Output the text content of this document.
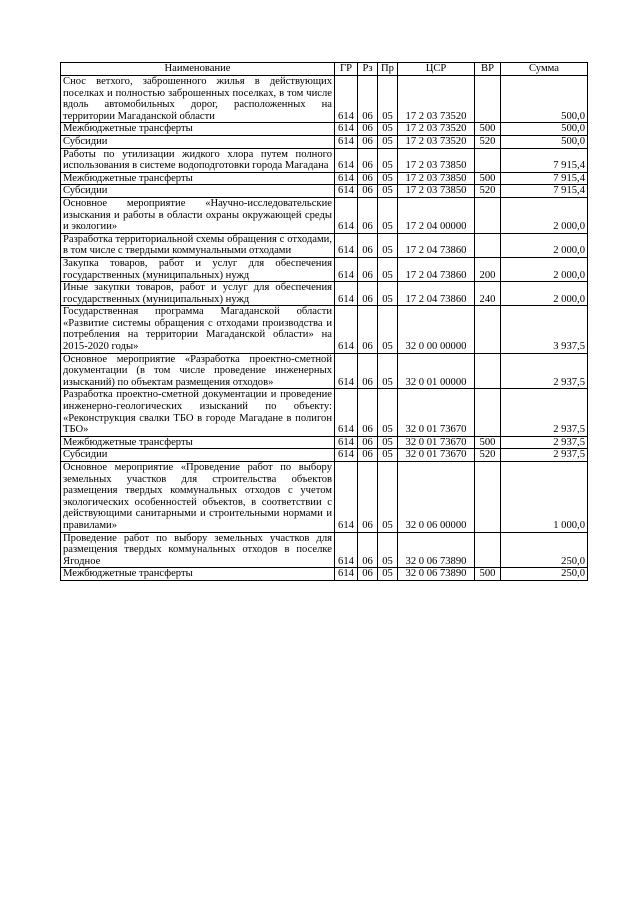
Наименование	ГР	Рз	Пр	ЦСР	ВР	Сумма
Снос ветхого, заброшенного жилья в действующих поселках и полностью заброшенных поселках, в том числе вдоль автомобильных дорог, расположенных на территории Магаданской области	614	06	05	17 2 03 73520		500,0
Межбюджетные трансферты	614	06	05	17 2 03 73520	500	500,0
Субсидии	614	06	05	17 2 03 73520	520	500,0
Работы по утилизации жидкого хлора путем полного использования в системе водоподготовки города Магадана	614	06	05	17 2 03 73850		7 915,4
Межбюджетные трансферты	614	06	05	17 2 03 73850	500	7 915,4
Субсидии	614	06	05	17 2 03 73850	520	7 915,4
Основное мероприятие «Научно-исследовательские изыскания и работы в области охраны окружающей среды и экологии»	614	06	05	17 2 04 00000		2 000,0
Разработка территориальной схемы обращения с отходами, в том числе с твердыми коммунальными отходами	614	06	05	17 2 04 73860		2 000,0
Закупка товаров, работ и услуг для обеспечения государственных (муниципальных) нужд	614	06	05	17 2 04 73860	200	2 000,0
Иные закупки товаров, работ и услуг для обеспечения государственных (муниципальных) нужд	614	06	05	17 2 04 73860	240	2 000,0
Государственная программа Магаданской области «Развитие системы обращения с отходами производства и потребления на территории Магаданской области» на 2015-2020 годы»	614	06	05	32 0 00 00000		3 937,5
Основное мероприятие «Разработка проектно-сметной документации (в том числе проведение инженерных изысканий) по объектам размещения отходов»	614	06	05	32 0 01 00000		2 937,5
Разработка проектно-сметной документации и проведение инженерно-геологических изысканий по объекту: «Реконструкция свалки ТБО в городе Магадане в полигон ТБО»	614	06	05	32 0 01 73670		2 937,5
Межбюджетные трансферты	614	06	05	32 0 01 73670	500	2 937,5
Субсидии	614	06	05	32 0 01 73670	520	2 937,5
Основное мероприятие «Проведение работ по выбору земельных участков для строительства объектов размещения твердых коммунальных отходов с учетом экологических особенностей объектов, в соответствии с действующими санитарными и строительными нормами и правилами»	614	06	05	32 0 06 00000		1 000,0
Проведение работ по выбору земельных участков для размещения твердых коммунальных отходов в поселке Ягодное	614	06	05	32 0 06 73890		250,0
Межбюджетные трансферты	614	06	05	32 0 06 73890	500	250,0
